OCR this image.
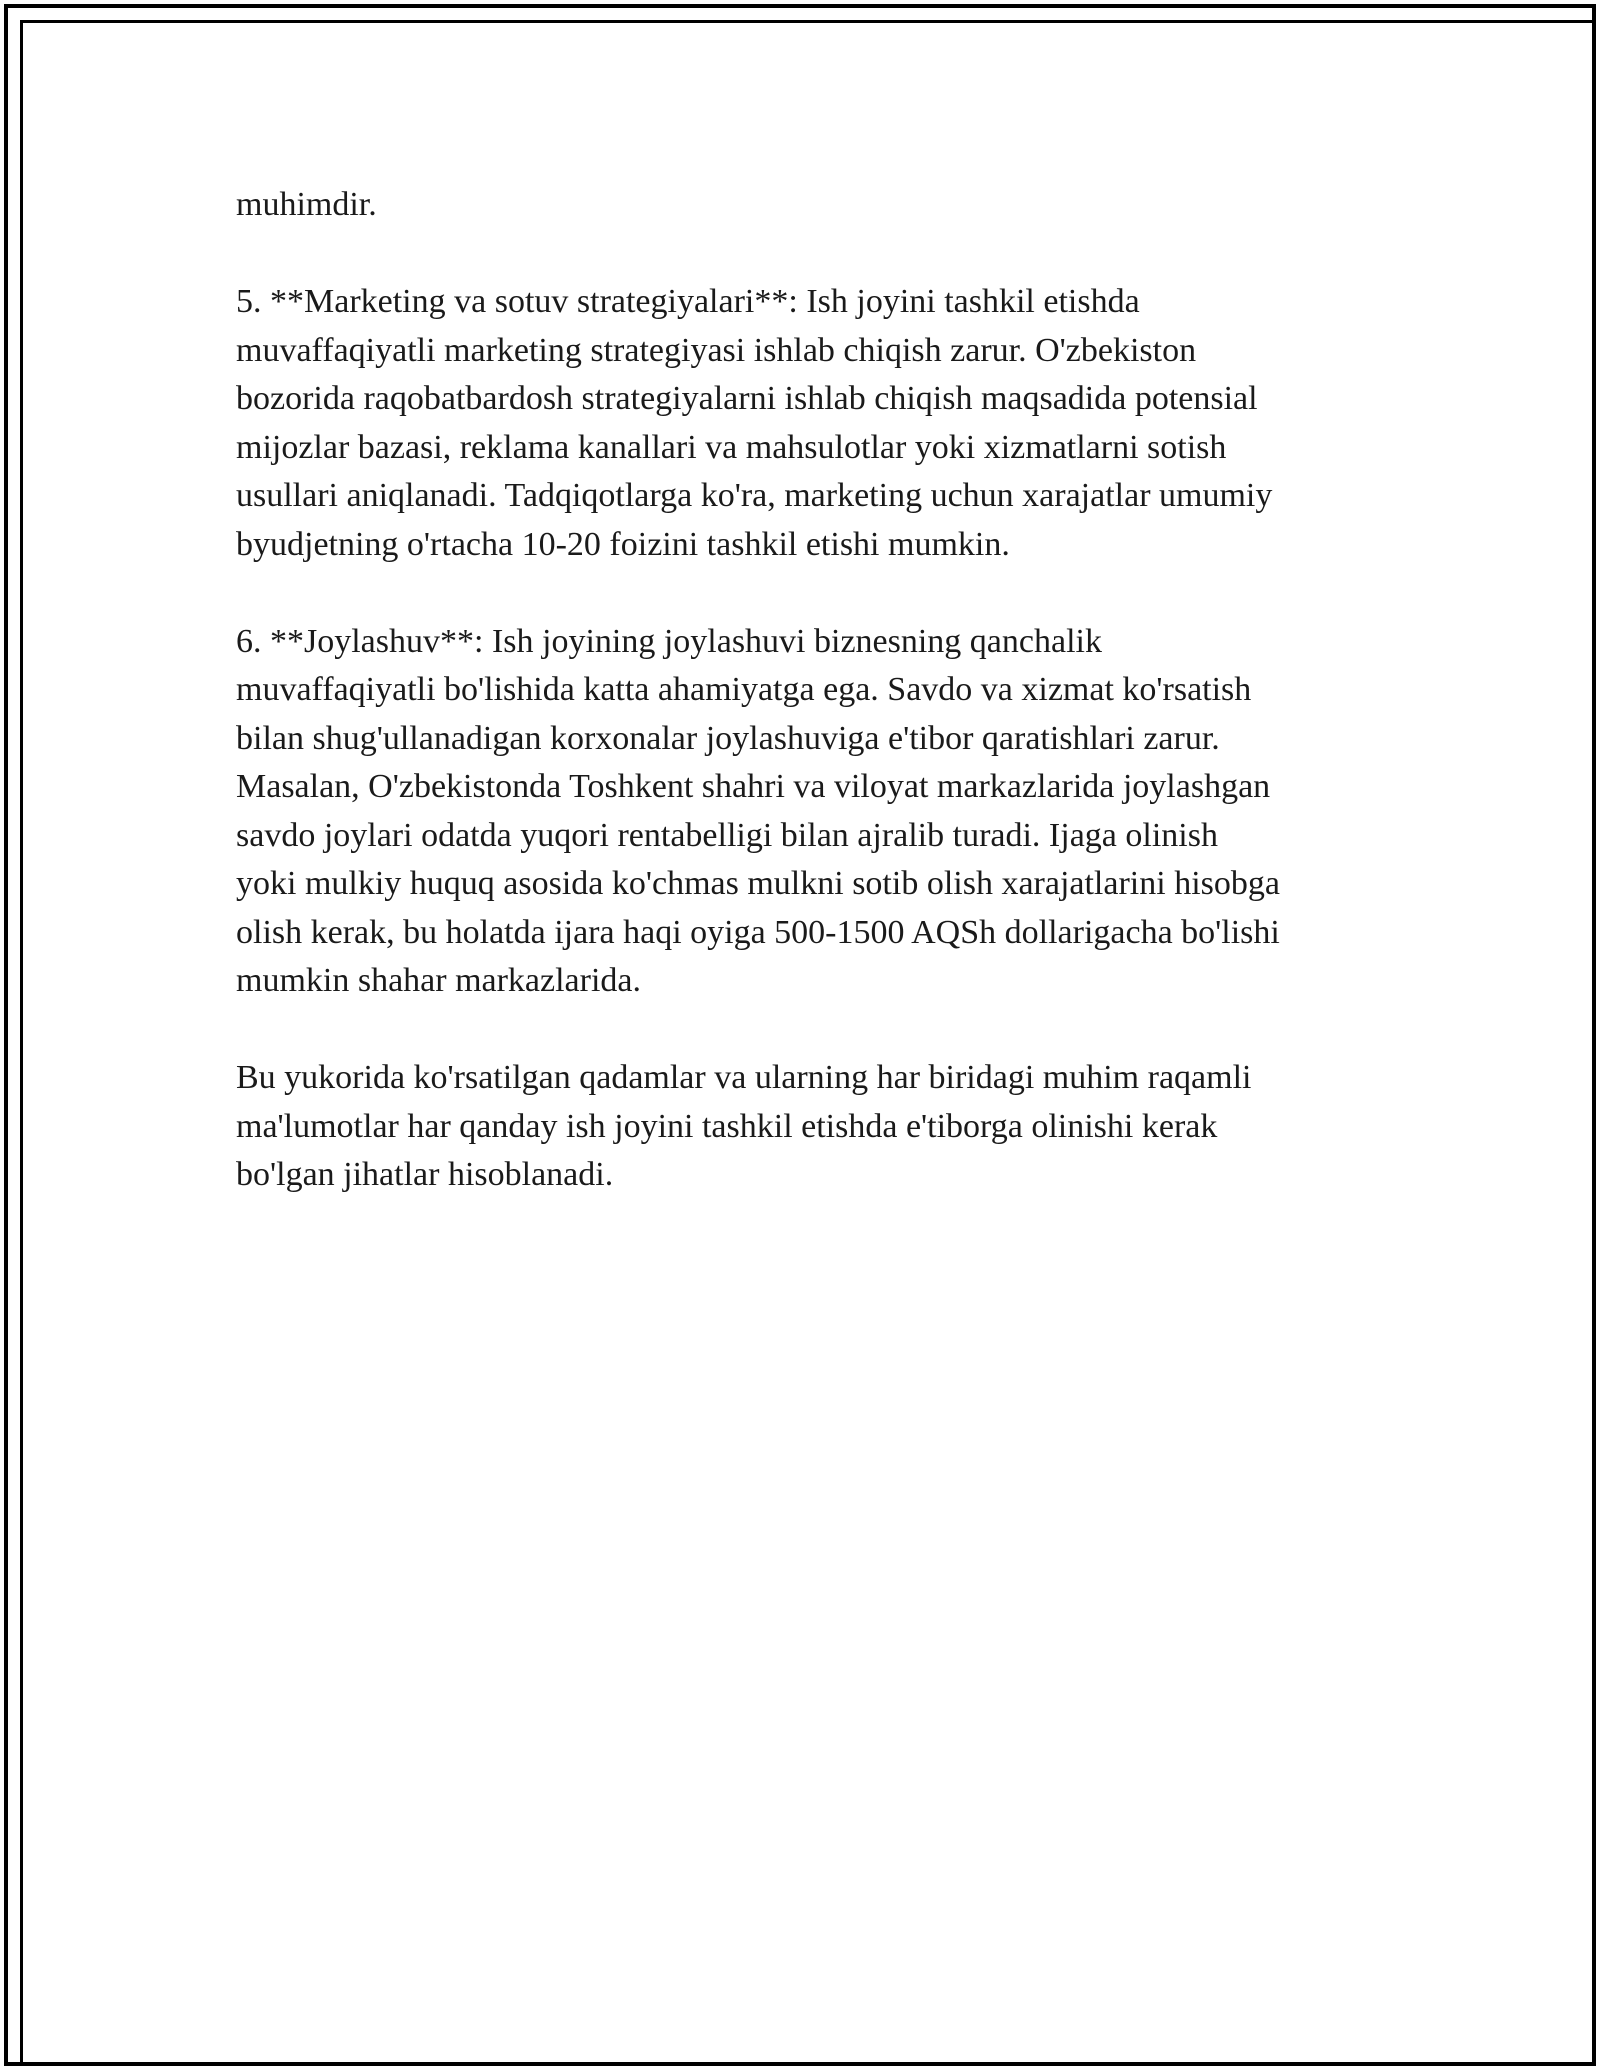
muhimdir.

5. **Marketing va sotuv strategiyalari**: Ish joyini tashkil etishda
muvaffaqiyatli marketing strategiyasi ishlab chiqish zarur. O'zbekiston
bozorida raqobatbardosh strategiyalarni ishlab chiqish maqsadida potensial
mijozlar bazasi, reklama kanallari va mahsulotlar yoki xizmatlarni sotish
usullari aniqlanadi. Tadqiqotlarga ko'ra, marketing uchun xarajatlar umumiy
byudjetning o'rtacha 10-20 foizini tashkil etishi mumkin.

6. **Joylashuv**: Ish joyining joylashuvi biznesning qanchalik
muvaffaqiyatli bo'lishida katta ahamiyatga ega. Savdo va xizmat ko'rsatish
bilan shug'ullanadigan korxonalar joylashuviga e'tibor qaratishlari zarur.
Masalan, O'zbekistonda Toshkent shahri va viloyat markazlarida joylashgan
savdo joylari odatda yuqori rentabelligi bilan ajralib turadi. Ijaga olinish
yoki mulkiy huquq asosida ko'chmas mulkni sotib olish xarajatlarini hisobga
olish kerak, bu holatda ijara haqi oyiga 500-1500 AQSh dollarigacha bo'lishi
mumkin shahar markazlarida.

Bu yukorida ko'rsatilgan qadamlar va ularning har biridagi muhim raqamli
ma'lumotlar har qanday ish joyini tashkil etishda e'tiborga olinishi kerak
bo'lgan jihatlar hisoblanadi.
